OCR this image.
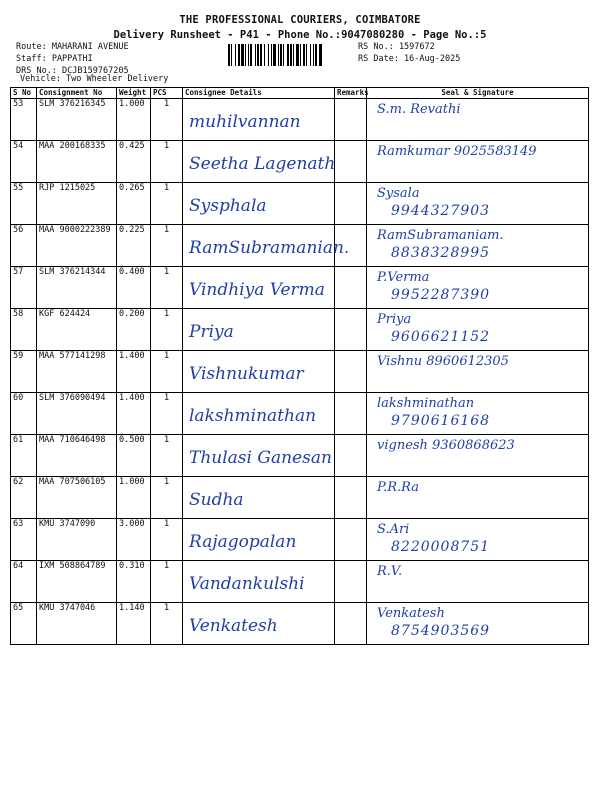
THE PROFESSIONAL COURIERS, COIMBATORE
Delivery Runsheet - P41 - Phone No.:9047080280 - Page No.:5
Route: MAHARANI AVENUE
Staff: PAPPATHI
DRS No.: DCJB159767205
RS No.: 1597672
RS Date: 16-Aug-2025
Vehicle: Two Wheeler Delivery
S No	Consignment No	Weight	PCS	Consignee Details	Remarks	Seal & Signature
53	SLM 376216345	1.000	1	muhilvannan		S.m. Revathi

54	MAA 200168335	0.425	1	Seetha Lagenath		Ramkumar 9025583149

55	RJP 1215025	0.265	1	Sysphala		Sysala
9944327903

56	MAA 9000222389	0.225	1	RamSubramanian.		RamSubramaniam.
8838328995

57	SLM 376214344	0.400	1	Vindhiya Verma		P.Verma
9952287390

58	KGF 624424	0.200	1	Priya		Priya
9606621152

59	MAA 577141298	1.400	1	Vishnukumar		Vishnu 8960612305

60	SLM 376090494	1.400	1	lakshminathan		lakshminathan
9790616168

61	MAA 710646498	0.500	1	Thulasi Ganesan		vignesh 9360868623

62	MAA 707506105	1.000	1	Sudha		P.R.Ra

63	KMU 3747090	3.000	1	Rajagopalan		S.Ari
8220008751

64	IXM 508864789	0.310	1	Vandankulshi		R.V.

65	KMU 3747046	1.140	1	Venkatesh		Venkatesh
8754903569
